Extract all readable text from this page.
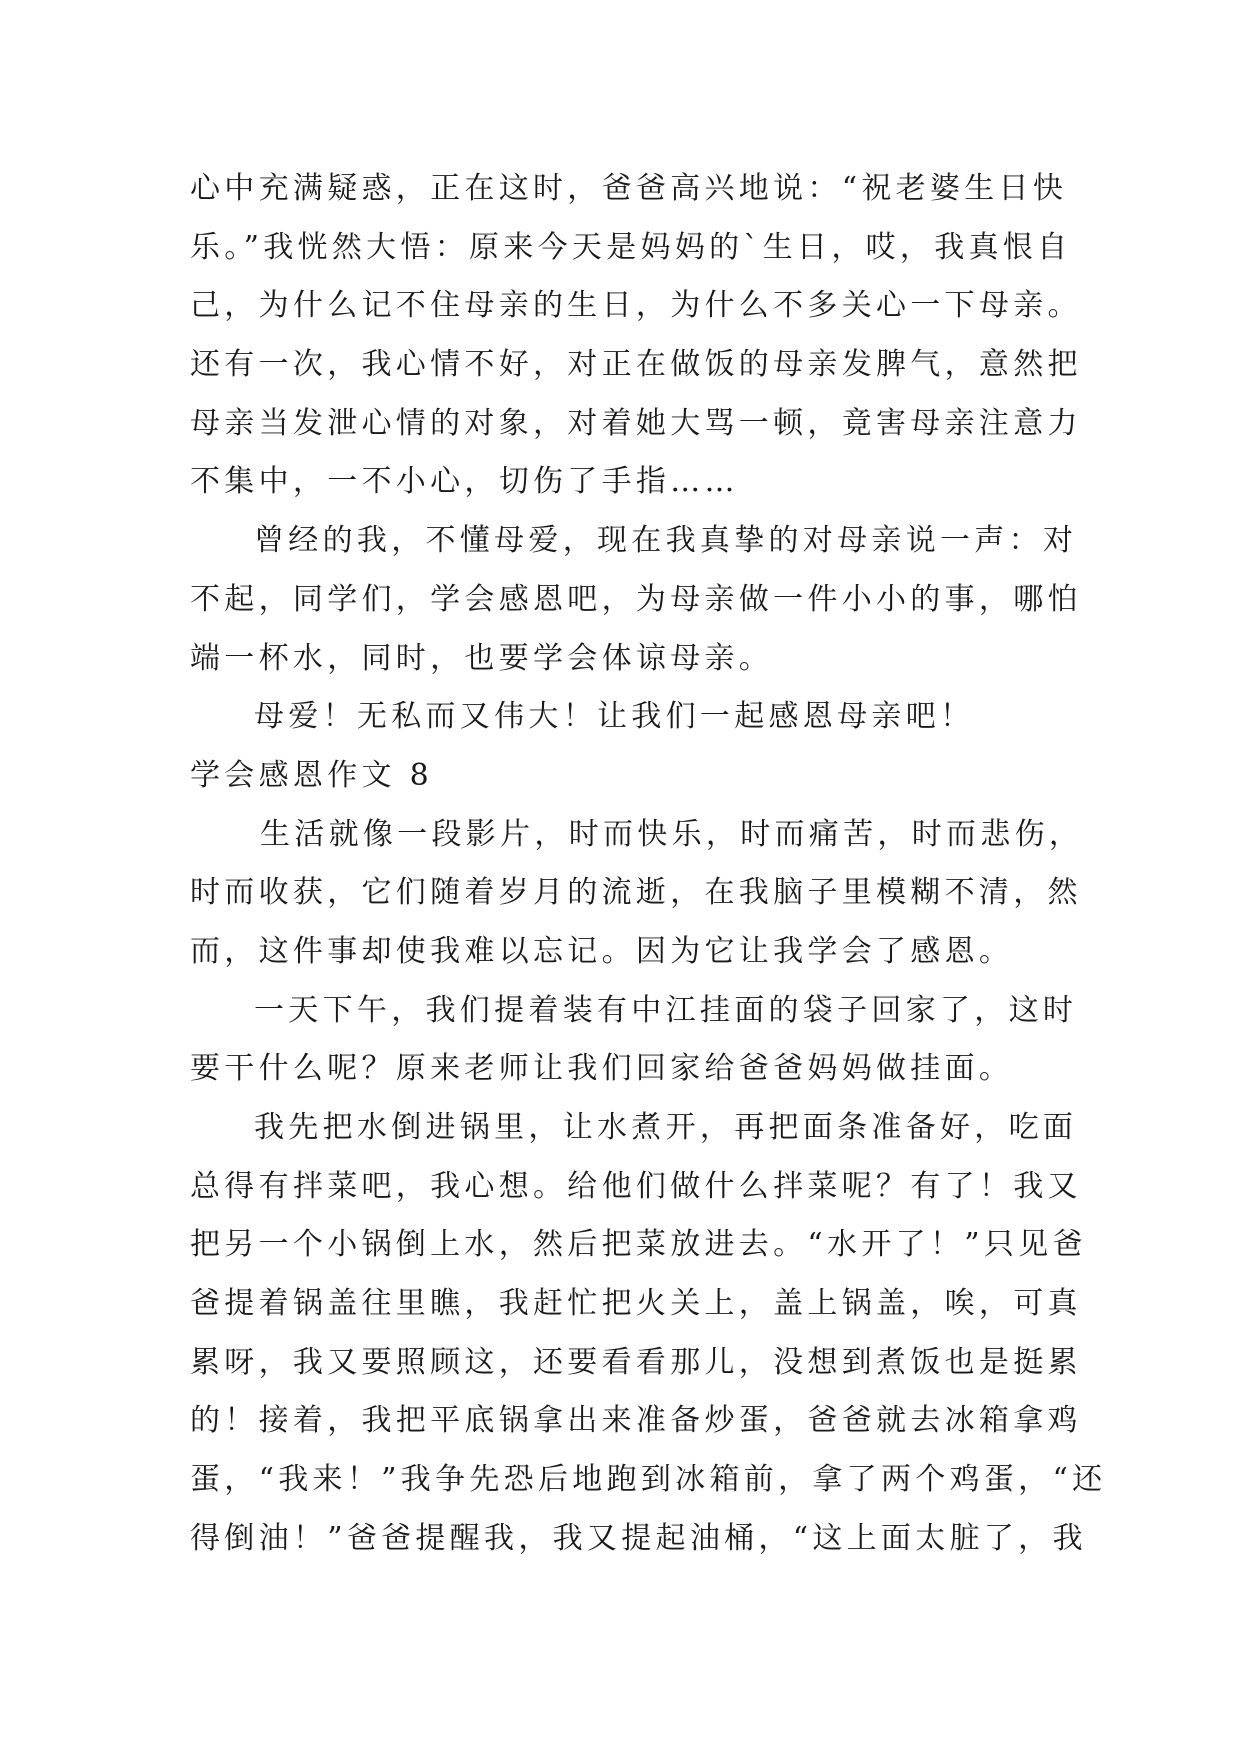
心中充满疑惑，正在这时，爸爸高兴地说：“祝老婆生日快
乐。”我恍然大悟：原来今天是妈妈的`生日，哎，我真恨自
己，为什么记不住母亲的生日，为什么不多关心一下母亲。
还有一次，我心情不好，对正在做饭的母亲发脾气，意然把
母亲当发泄心情的对象，对着她大骂一顿，竟害母亲注意力
不集中，一不小心，切伤了手指……
曾经的我，不懂母爱，现在我真挚的对母亲说一声：对
不起，同学们，学会感恩吧，为母亲做一件小小的事，哪怕
端一杯水，同时，也要学会体谅母亲。
母爱！无私而又伟大！让我们一起感恩母亲吧！
学会感恩作文 8
生活就像一段影片，时而快乐，时而痛苦，时而悲伤，
时而收获，它们随着岁月的流逝，在我脑子里模糊不清，然
而，这件事却使我难以忘记。因为它让我学会了感恩。
一天下午，我们提着装有中江挂面的袋子回家了，这时
要干什么呢？原来老师让我们回家给爸爸妈妈做挂面。
我先把水倒进锅里，让水煮开，再把面条准备好，吃面
总得有拌菜吧，我心想。给他们做什么拌菜呢？有了！我又
把另一个小锅倒上水，然后把菜放进去。“水开了！”只见爸
爸提着锅盖往里瞧，我赶忙把火关上，盖上锅盖，唉，可真
累呀，我又要照顾这，还要看看那儿，没想到煮饭也是挺累
的！接着，我把平底锅拿出来准备炒蛋，爸爸就去冰箱拿鸡
蛋，“我来！”我争先恐后地跑到冰箱前，拿了两个鸡蛋，“还
得倒油！”爸爸提醒我，我又提起油桶，“这上面太脏了，我
